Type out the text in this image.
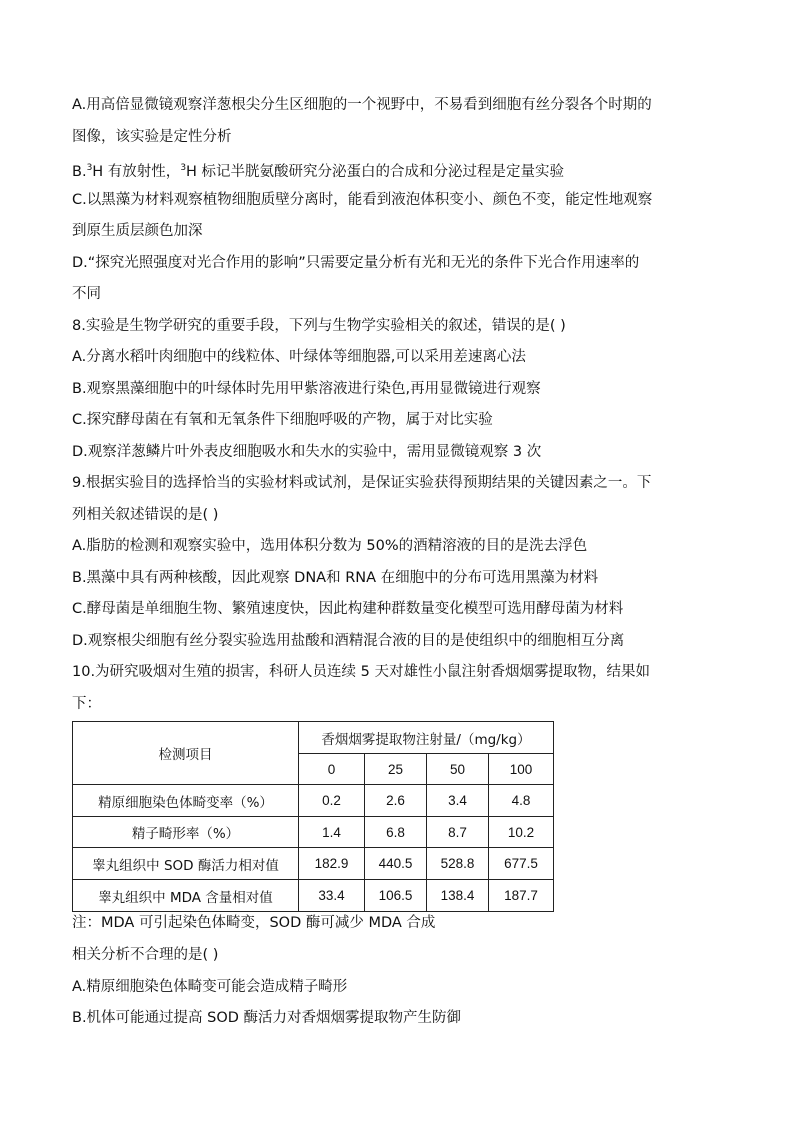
A.用高倍显微镜观察洋葱根尖分生区细胞的一个视野中，不易看到细胞有丝分裂各个时期的
图像，该实验是定性分析
B.$^3$H 有放射性，$^3$H 标记半胱氨酸研究分泌蛋白的合成和分泌过程是定量实验
C.以黑藻为材料观察植物细胞质壁分离时，能看到液泡体积变小、颜色不变，能定性地观察
到原生质层颜色加深
D.“探究光照强度对光合作用的影响”只需要定量分析有光和无光的条件下光合作用速率的
不同
8.实验是生物学研究的重要手段，下列与生物学实验相关的叙述，错误的是( )
A.分离水稻叶肉细胞中的线粒体、叶绿体等细胞器,可以采用差速离心法
B.观察黑藻细胞中的叶绿体时先用甲紫溶液进行染色,再用显微镜进行观察
C.探究酵母菌在有氧和无氧条件下细胞呼吸的产物，属于对比实验
D.观察洋葱鳞片叶外表皮细胞吸水和失水的实验中，需用显微镜观察 3 次
9.根据实验目的选择恰当的实验材料或试剂，是保证实验获得预期结果的关键因素之一。下
列相关叙述错误的是( )
A.脂肪的检测和观察实验中，选用体积分数为 50%的酒精溶液的目的是洗去浮色
B.黑藻中具有两种核酸，因此观察 DNA和 RNA 在细胞中的分布可选用黑藻为材料
C.酵母菌是单细胞生物、繁殖速度快，因此构建种群数量变化模型可选用酵母菌为材料
D.观察根尖细胞有丝分裂实验选用盐酸和酒精混合液的目的是使组织中的细胞相互分离
10.为研究吸烟对生殖的损害，科研人员连续 5 天对雄性小鼠注射香烟烟雾提取物，结果如
下：
检测项目	香烟烟雾提取物注射量/（mg/kg）			
	0	25	50	100
精原细胞染色体畸变率（%）	0.2	2.6	3.4	4.8
精子畸形率（%）	1.4	6.8	8.7	10.2
睾丸组织中 SOD 酶活力相对值	182.9	440.5	528.8	677.5
睾丸组织中 MDA 含量相对值	33.4	106.5	138.4	187.7
注：MDA 可引起染色体畸变，SOD 酶可减少 MDA 合成
相关分析不合理的是( )
A.精原细胞染色体畸变可能会造成精子畸形
B.机体可能通过提高 SOD 酶活力对香烟烟雾提取物产生防御
